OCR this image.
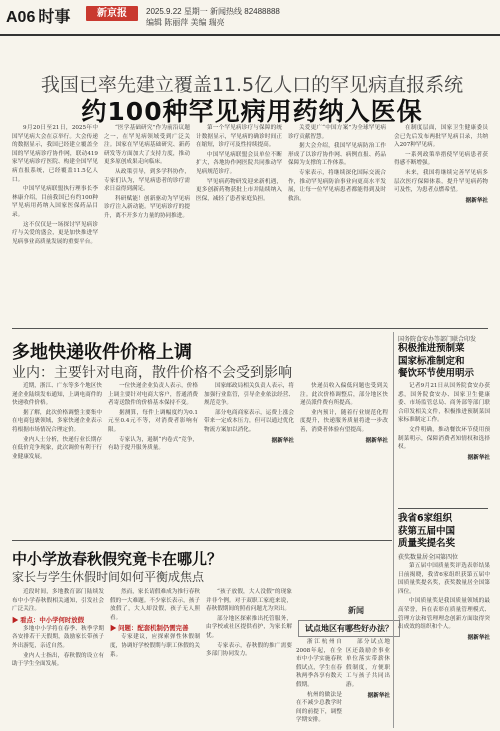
A06 时事	新京报	2025.9.22 星期一 新闻热线 82488888
编辑 陈丽萍 美编 瑞亮
我国已率先建立覆盖11.5亿人口的罕见病直报系统
约100种罕见病用药纳入医保

9月20日至21日，2025年中国罕见病大会在京举行。大会传递的数据显示，我国已经建立覆盖全国的罕见病诊疗协作网，联动419家罕见病诊疗医院、构建全国罕见病直报系统，已经覆盖11.5亿人口。

中国罕见病联盟执行理事长李林康介绍，目前我国已有约100种罕见病用药纳入国家医保药品目录。

这不仅仅是一场探讨罕见病诊疗与关爱的盛会，更是加快推进罕见病事业高质量发展的重要平台。

“医学基础研究”作为前沿议题之一，在罕见病领域受到广泛关注。国家在罕见病基础研究、新药研发等方面加大了支持力度，推动更多原创成果走向临床。

从政策引导，到多学科协作，专家们认为，罕见病患者的诊疗需求日益得到满足。

科研赋能！创新驱动为罕见病诊疗注入新动能。罕见病诊疗的提升，离不开多方力量的协同推进。

第一个罕见病诊疗与保障的统计数据显示，罕见病的确诊时间正在缩短，诊疗可及性持续提高。

中国罕见病联盟会员单位不断扩大，各地协作网医院共同推动罕见病规范诊疗。

罕见病药物研发迎来新机遇，更多创新药物获批上市并陆续纳入医保，减轻了患者家庭负担。

关爱更广“中国方案”为全球罕见病诊疗贡献智慧。

据大会介绍，我国罕见病防治工作形成了以诊疗协作网、病例直报、药品保障为支撑的工作体系。

专家表示，将继续深化国际交流合作，推动罕见病防治事业向更高水平发展，让每一位罕见病患者都能得到及时救治。

在制度层面，国家卫生健康委员会已先后发布两批罕见病目录，共纳入207种罕见病。

一系列政策举措使罕见病患者获得感不断增强。

未来，我国将继续完善罕见病多层次医疗保障体系，提升罕见病药物可及性，为患者点燃希望。

据新华社

多地快递收件价格上调
业内：主要针对电商，散件价格不会受到影响

近期，浙江、广东等多个地区快递企业陆续发布通知，上调电商件的快递收件价格。

据了解，此次价格调整主要集中在电商包裹领域，多家快递企业表示将根据市场情况合理定价。

业内人士分析，快递行业长期存在低价竞争现象，此次调价有利于行业健康发展。

一位快递企业负责人表示，价格上调主要针对电商大客户，普通消费者寄送散件的价格基本保持不变。

据测算，每件上调幅度约为0.1元至0.4元不等，对消费者影响有限。

专家认为，遏制“内卷式”竞争，有助于提升服务质量。

国家邮政局相关负责人表示，将加强行业监管，引导企业依法经营、规范竞争。

部分电商商家表示，运费上涨会带来一定成本压力，但可以通过优化物流方案加以消化。

据新华社

快递员收入偏低问题也受到关注。此次价格调整后，部分地区快递员派件费有所提高。

业内预计，随着行业规范化程度提升，快递服务质量将进一步改善，消费者体验有望提高。

据新华社

中小学放春秋假究竟卡在哪儿？
家长与学生休假时间如何平衡成焦点

近段时间，多地教育部门陆续发布中小学春秋假相关通知，引发社会广泛关注。

▶ 看点：中小学何时放假

多地中小学将在春季、秋季学期各安排若干天假期，鼓励家长带孩子外出游览，亲近自然。

业内人士指出，春秋假的设立有助于学生全面发展。

然而，家长请假难成为推行春秋假的一大难题。不少家长表示，孩子放假了，大人却没假，孩子无人照看。

▶ 问题：配套机制仍需完善

专家建议，应探索弹性休假制度，协调好学校假期与职工休假的关系。

“孩子放假，大人没假”的现象并非个例。对于双职工家庭来说，春秋假期间的照看问题尤为突出。

部分地区探索推出托管服务，由学校或社区提供看护，为家长解忧。

专家表示，春秋假的推广需要多部门协同发力。

新闻
试点地区有哪些好办法？

浙江杭州自2008年起，在全市中小学实施春秋假试点，学生在春秋两季各享有数天假期。

杭州的做法是在不减少总教学时间的前提下，调整学期安排。

部分试点地区还鼓励企事业单位落实带薪休假制度，方便职工与孩子共同出游。

据新华社

国务院食安办等部门联合印发
积极推进预制菜
国家标准制定和
餐饮环节使用明示

记者9月21日从国务院食安办获悉，国务院食安办、国家卫生健康委、市场监管总局、商务部等部门联合印发相关文件，积极推进预制菜国家标准制定工作。

文件明确，推动餐饮环节使用预制菜明示，保障消费者知情权和选择权。

据新华社

我省6家组织
获第五届中国
质量奖提名奖
获奖数量居全国第四位

第五届中国质量奖评选表彰结果日前揭晓，我省6家组织获第五届中国质量奖提名奖，获奖数量居全国第四位。

中国质量奖是我国质量领域的最高荣誉，旨在表彰在质量管理模式、管理方法和管理理念创新方面取得突出成效的组织和个人。

据新华社
